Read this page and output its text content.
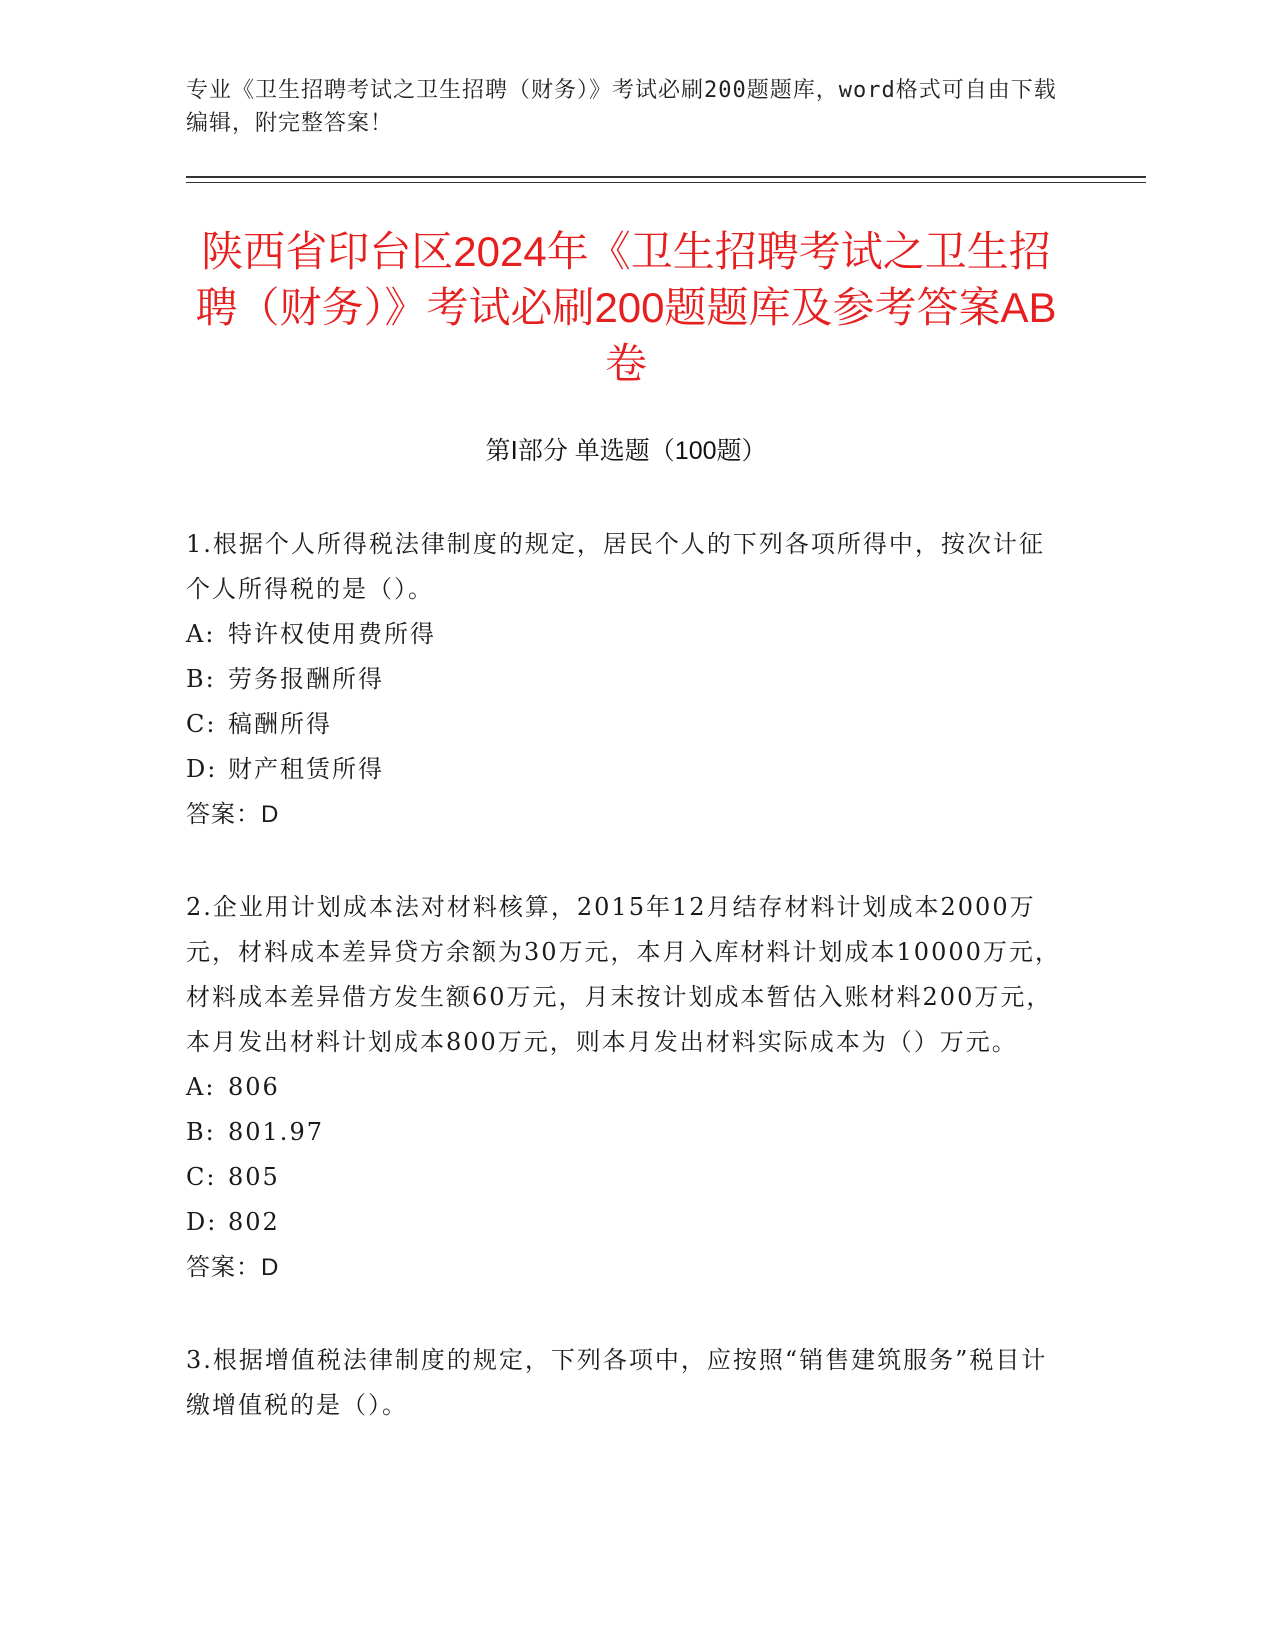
专业《卫生招聘考试之卫生招聘（财务）》考试必刷200题题库，word格式可自由下载编辑，附完整答案！
陕西省印台区2024年《卫生招聘考试之卫生招聘（财务）》考试必刷200题题库及参考答案AB卷
第Ⅰ部分 单选题（100题）
1.根据个人所得税法律制度的规定，居民个人的下列各项所得中，按次计征个人所得税的是（）。
A: 特许权使用费所得
B: 劳务报酬所得
C: 稿酬所得
D: 财产租赁所得
答案：D
2.企业用计划成本法对材料核算，2015年12月结存材料计划成本2000万元，材料成本差异贷方余额为30万元，本月入库材料计划成本10000万元，材料成本差异借方发生额60万元，月末按计划成本暂估入账材料200万元，本月发出材料计划成本800万元，则本月发出材料实际成本为（）万元。
A: 806
B: 801.97
C: 805
D: 802
答案：D
3.根据增值税法律制度的规定，下列各项中，应按照“销售建筑服务”税目计缴增值税的是（）。
